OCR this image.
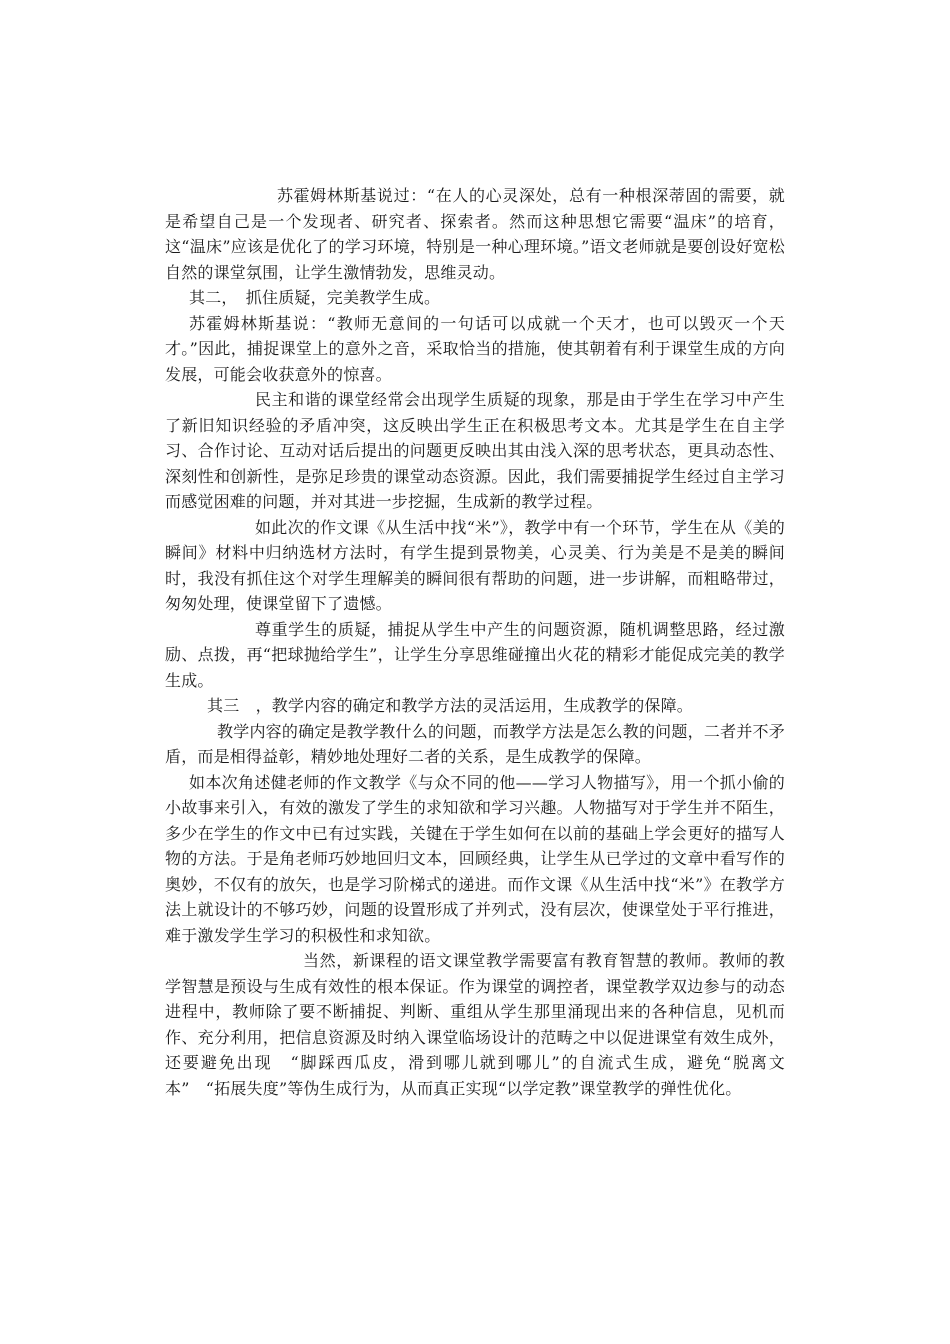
苏霍姆林斯基说过：“在人的心灵深处，总有一种根深蒂固的需要，就是希望自己是一个发现者、研究者、探索者。然而这种思想它需要“温床”的培育，这“温床”应该是优化了的学习环境，特别是一种心理环境。”语文老师就是要创设好宽松自然的课堂氛围，让学生激情勃发，思维灵动。

其二，　抓住质疑，完美教学生成。

苏霍姆林斯基说：“教师无意间的一句话可以成就一个天才，也可以毁灭一个天才。”因此，捕捉课堂上的意外之音，采取恰当的措施，使其朝着有利于课堂生成的方向发展，可能会收获意外的惊喜。

民主和谐的课堂经常会出现学生质疑的现象，那是由于学生在学习中产生了新旧知识经验的矛盾冲突，这反映出学生正在积极思考文本。尤其是学生在自主学习、合作讨论、互动对话后提出的问题更反映出其由浅入深的思考状态，更具动态性、深刻性和创新性，是弥足珍贵的课堂动态资源。因此，我们需要捕捉学生经过自主学习而感觉困难的问题，并对其进一步挖掘，生成新的教学过程。

如此次的作文课《从生活中找“米”》，教学中有一个环节，学生在从《美的瞬间》材料中归纳选材方法时，有学生提到景物美，心灵美、行为美是不是美的瞬间时，我没有抓住这个对学生理解美的瞬间很有帮助的问题，进一步讲解，而粗略带过，匆匆处理，使课堂留下了遗憾。

尊重学生的质疑，捕捉从学生中产生的问题资源，随机调整思路，经过激励、点拨，再“把球抛给学生”，让学生分享思维碰撞出火花的精彩才能促成完美的教学生成。

其三　，教学内容的确定和教学方法的灵活运用，生成教学的保障。

教学内容的确定是教学教什么的问题，而教学方法是怎么教的问题，二者并不矛盾，而是相得益彰，精妙地处理好二者的关系，是生成教学的保障。

如本次角述健老师的作文教学《与众不同的他——学习人物描写》，用一个抓小偷的小故事来引入，有效的激发了学生的求知欲和学习兴趣。人物描写对于学生并不陌生，多少在学生的作文中已有过实践，关键在于学生如何在以前的基础上学会更好的描写人物的方法。于是角老师巧妙地回归文本，回顾经典，让学生从已学过的文章中看写作的奥妙，不仅有的放矢，也是学习阶梯式的递进。而作文课《从生活中找“米”》在教学方法上就设计的不够巧妙，问题的设置形成了并列式，没有层次，使课堂处于平行推进，难于激发学生学习的积极性和求知欲。

当然，新课程的语文课堂教学需要富有教育智慧的教师。教师的教学智慧是预设与生成有效性的根本保证。作为课堂的调控者，课堂教学双边参与的动态进程中，教师除了要不断捕捉、判断、重组从学生那里涌现出来的各种信息，见机而作、充分利用，把信息资源及时纳入课堂临场设计的范畴之中以促进课堂有效生成外，还要避免出现　“脚踩西瓜皮，滑到哪儿就到哪儿”的自流式生成，避免“脱离文本”　“拓展失度”等伪生成行为，从而真正实现“以学定教”课堂教学的弹性优化。
